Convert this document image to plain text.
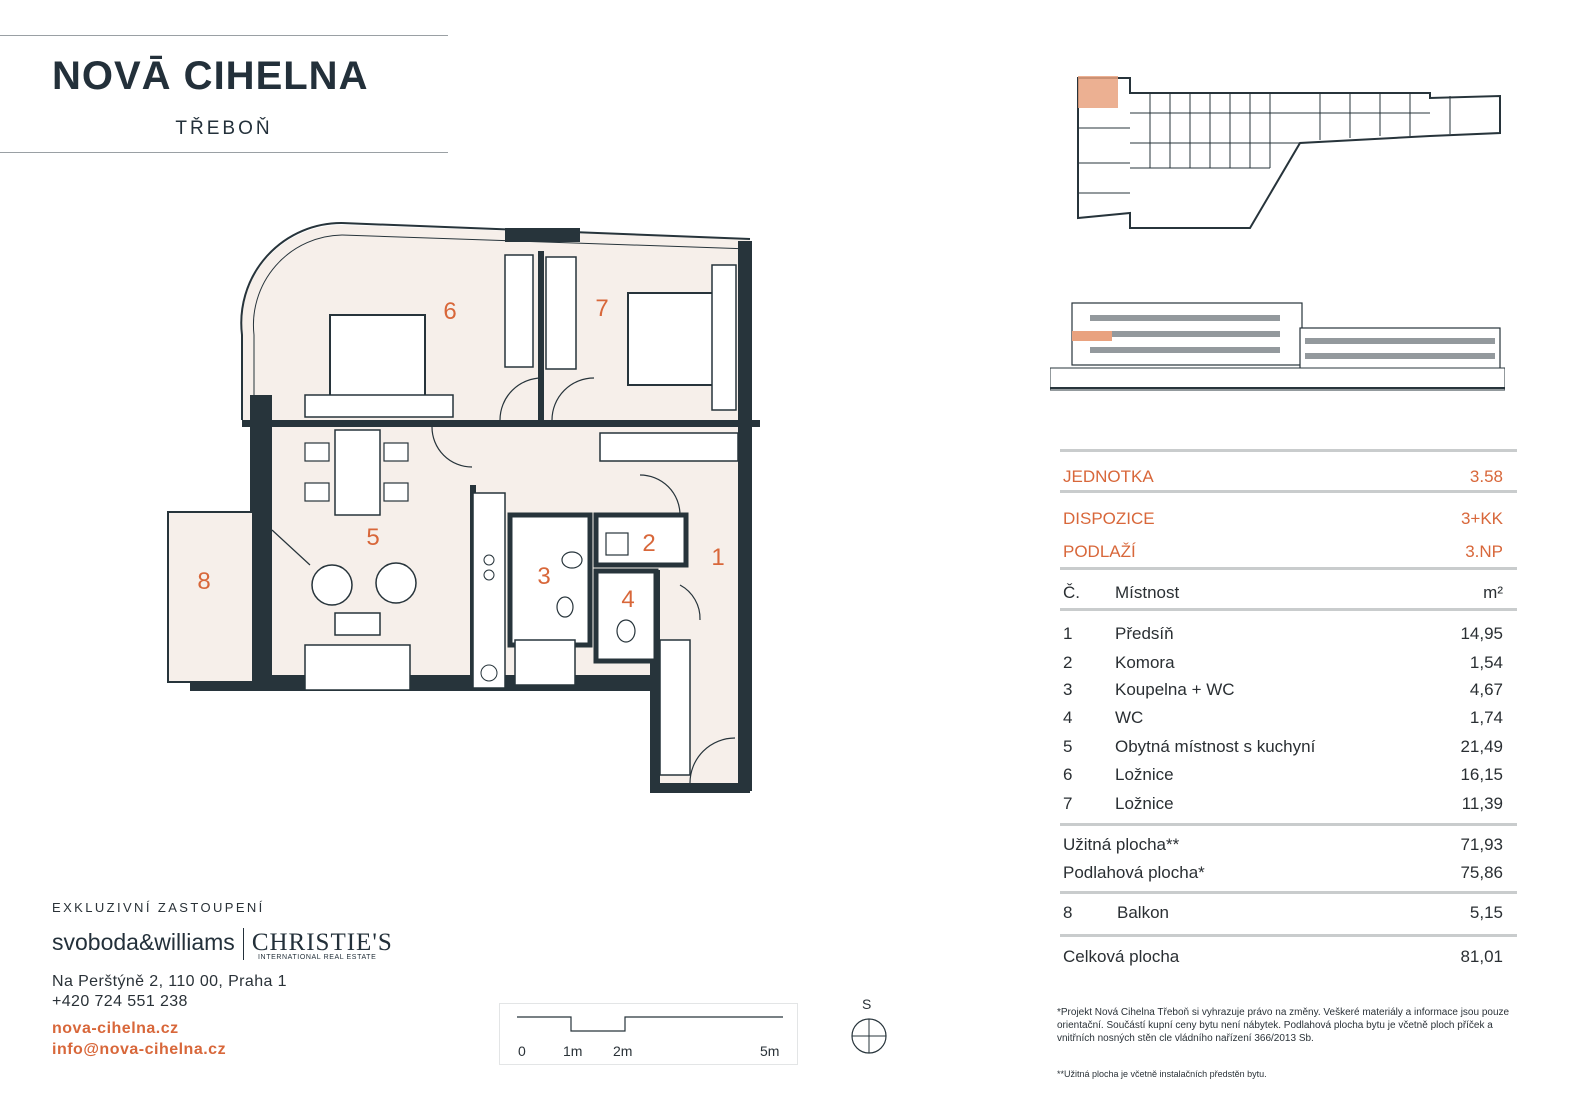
NOVĀ CIHELNA
TŘEBOŇ
1
2
3
4
5
6	7
8
JEDNOTKA	3.58
DISPOZICE	3+KK
PODLAŽÍ	3.NP
Č. Místnost	m²
1	Předsíň	14,95
2	Komora	1,54
3	Koupelna + WC	4,67
4	WC	1,74
5	Obytná místnost s kuchyní	21,49
6	Ložnice	16,15
7	Ložnice	11,39
Užitná plocha**	71,93
Podlahová plocha*	75,86
8	Balkon	5,15
Celková plocha	81,01
EXKLUZIVNÍ ZASTOUPENÍ
svoboda&williams CHRISTIE'S
INTERNATIONAL REAL ESTATE
Na Perštýně 2, 110 00, Praha 1
+420 724 551 238
nova-cihelna.cz
info@nova-cihelna.cz	0	1m 2m	5m
S
*Projekt Nová Cihelna Třeboň si vyhrazuje právo na změny. Veškeré materiály a informace jsou pouze orientační. Součástí kupní ceny bytu není nábytek. Podlahová plocha bytu je včetně ploch příček a vnitřních nosných stěn cle vládního nařízení 366/2013 Sb.
**Užitná plocha je včetně instalačních předstěn bytu.
